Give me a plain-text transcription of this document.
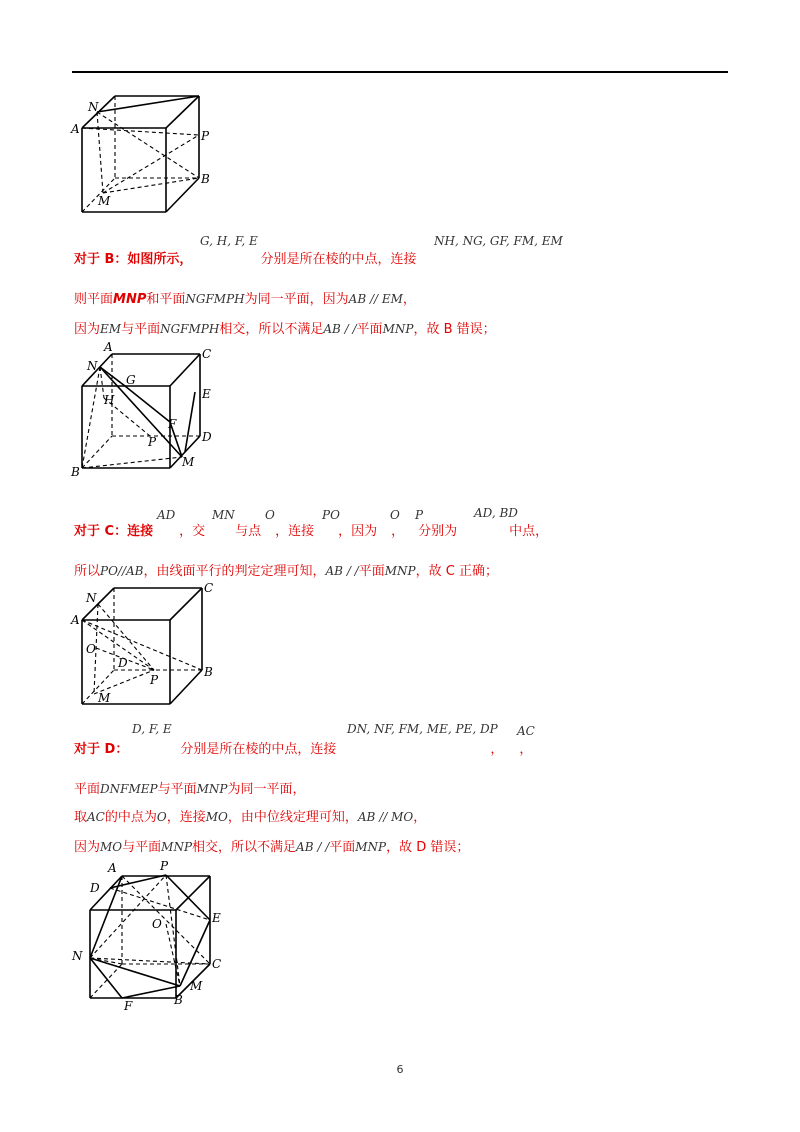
N
A	P
B
M
G, H, F, E	NH, NG, GF, FM, EM
对于 B：如图所示，	分别是所在棱的中点，连接
则平面MNP和平面NGFMPH为同一平面，因为AB // EM，
因为EM与平面NGFMPH相交，所以不满足AB / /平面MNP，故 B 错误；
A	C
N
G
E
H
F
P	D
B
M
AD	MN	O	PO	O P	AD, BD
对于 C：连接 ，交 与点 ，连接 ，因为 ， 分别为	中点，
所以PO//AB，由线面平行的判定定理可知，AB / /平面MNP，故 C 正确；
N
C
A
O
D
B
P
M
D, F, E	DN, NF, FM, ME, PE, DP AC
对于 D：	分别是所在棱的中点，连接	， ，
平面DNFMEP与平面MNP为同一平面，
取AC的中点为O，连接MO，由中位线定理可知，AB // MO，
因为MO与平面MNP相交，所以不满足AB / /平面MNP，故 D 错误；
A	P
D
O	E
N
C
M
B
F
6
